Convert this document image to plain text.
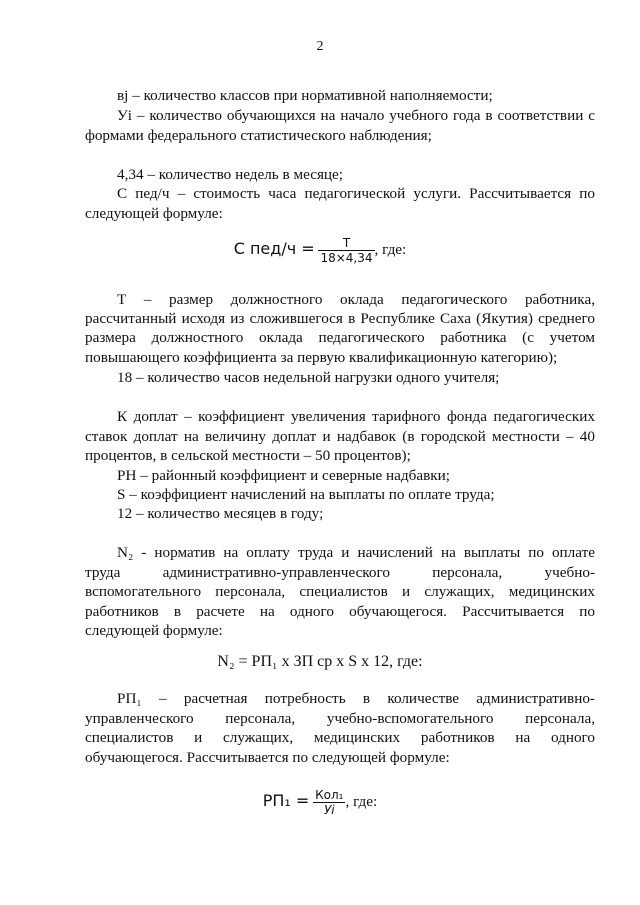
2
вj – количество классов при нормативной наполняемости;
Уi – количество обучающихся на начало учебного года в соответствии с
формами федерального статистического наблюдения;
4,34 – количество недель в месяце;
С пед/ч – стоимость часа педагогической услуги. Рассчитывается по
следующей формуле:
С $пед/ч = \frac{Т}{18\times 4,34}$ , где:
Т – размер должностного оклада педагогического работника,
рассчитанный исходя из сложившегося в Республике Саха (Якутия) среднего
размера должностного оклада педагогического работника (с учетом
повышающего коэффициента за первую квалификационную категорию);
18 – количество часов недельной нагрузки одного учителя;
К доплат – коэффициент увеличения тарифного фонда педагогических
ставок доплат на величину доплат и надбавок (в городской местности – 40
процентов, в сельской местности – 50 процентов);
РН – районный коэффициент и северные надбавки;
S – коэффициент начислений на выплаты по оплате труда;
12 – количество месяцев в году;
N₂ - норматив на оплату труда и начислений на выплаты по оплате
труда административно-управленческого персонала, учебно-
вспомогательного персонала, специалистов и служащих, медицинских
работников в расчете на одного обучающегося. Рассчитывается по
следующей формуле:
N₂ = РП₁ х ЗП ср х S х 12, где:
РП₁ – расчетная потребность в количестве административно-
управленческого персонала, учебно-вспомогательного персонала,
специалистов и служащих, медицинских работников на одного
обучающегося. Рассчитывается по следующей формуле:
$РП_1 = \frac{\text{Кол₁}}{Уi}$ , где:
